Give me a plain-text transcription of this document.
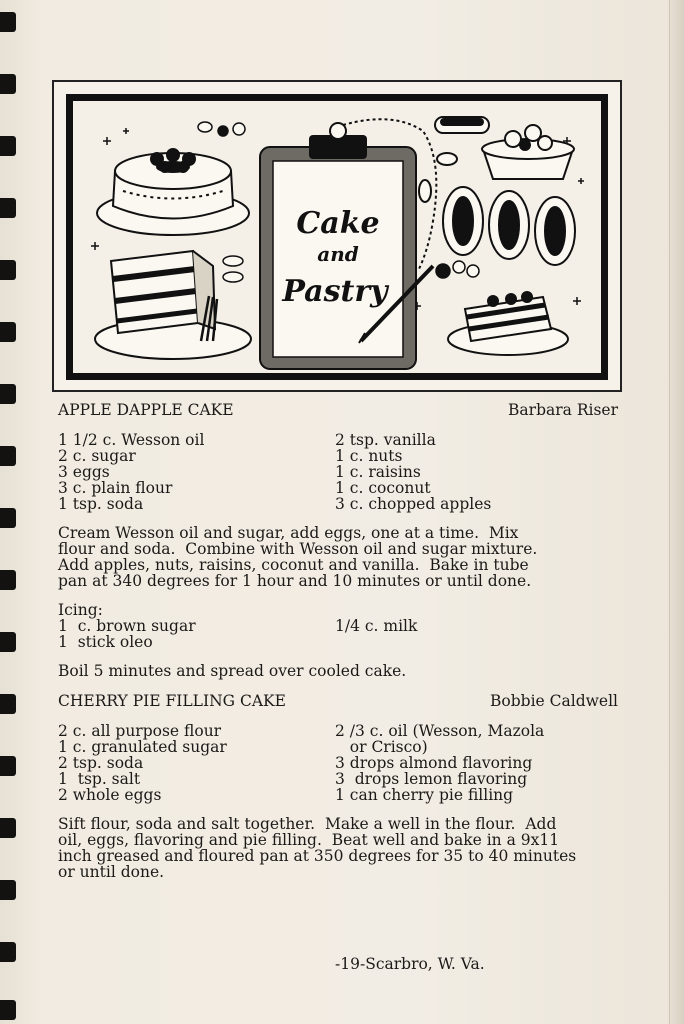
Cake
and
Pastry
APPLE DAPPLE CAKE	Barbara Riser
1 1/2 c. Wesson oil
2 c. sugar
3 eggs
3 c. plain flour
1 tsp. soda
2 tsp. vanilla
1 c. nuts
1 c. raisins
1 c. coconut
3 c. chopped apples
Cream Wesson oil and sugar, add eggs, one at a time.  Mix
flour and soda.  Combine with Wesson oil and sugar mixture.
Add apples, nuts, raisins, coconut and vanilla.  Bake in tube
pan at 340 degrees for 1 hour and 10 minutes or until done.
Icing:
1  c. brown sugar
1  stick oleo
1/4 c. milk
Boil 5 minutes and spread over cooled cake.
CHERRY PIE FILLING CAKE	Bobbie Caldwell
2 c. all purpose flour
1 c. granulated sugar
2 tsp. soda
1  tsp. salt
2 whole eggs
2 /3 c. oil (Wesson, Mazola
or Crisco)
3 drops almond flavoring
3  drops lemon flavoring
1 can cherry pie filling
Sift flour, soda and salt together.  Make a well in the flour.  Add
oil, eggs, flavoring and pie filling.  Beat well and bake in a 9x11
inch greased and floured pan at 350 degrees for 35 to 40 minutes
or until done.
-19-Scarbro, W. Va.
